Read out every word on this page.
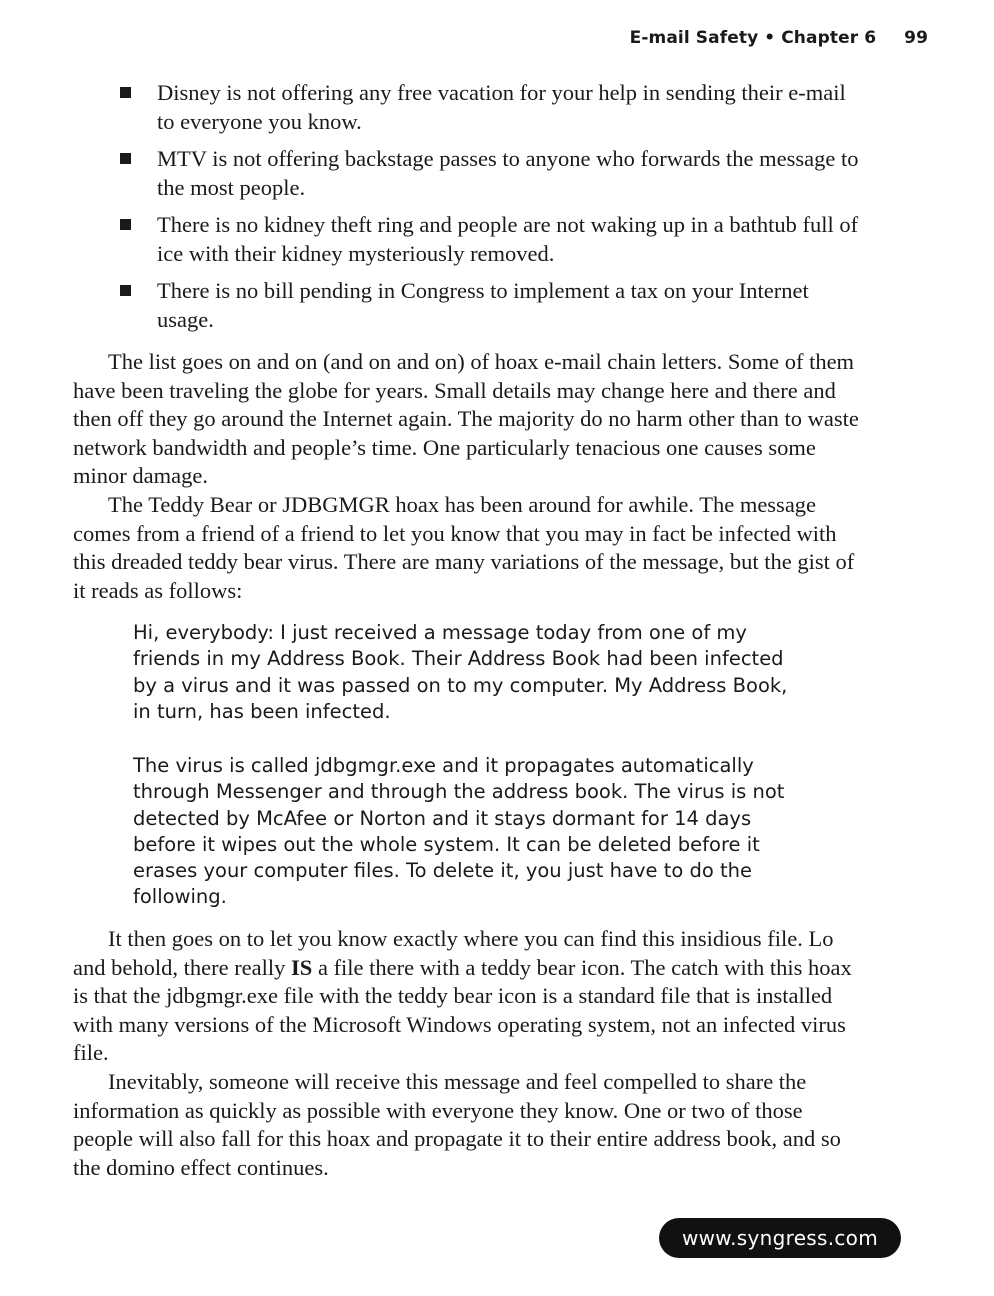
E-mail Safety • Chapter 6 99
Disney is not offering any free vacation for your help in sending their e-mail to everyone you know.
MTV is not offering backstage passes to anyone who forwards the message to the most people.
There is no kidney theft ring and people are not waking up in a bathtub full of ice with their kidney mysteriously removed.
There is no bill pending in Congress to implement a tax on your Internet usage.

The list goes on and on (and on and on) of hoax e-mail chain letters. Some of them have been traveling the globe for years. Small details may change here and there and then off they go around the Internet again. The majority do no harm other than to waste network bandwidth and people’s time. One particularly tenacious one causes some minor damage.

The Teddy Bear or JDBGMGR hoax has been around for awhile. The message comes from a friend of a friend to let you know that you may in fact be infected with this dreaded teddy bear virus. There are many variations of the message, but the gist of it reads as follows:

Hi, everybody: I just received a message today from one of my friends in my Address Book. Their Address Book had been infected by a virus and it was passed on to my computer. My Address Book, in turn, has been infected.

The virus is called jdbgmgr.exe and it propagates automatically through Messenger and through the address book. The virus is not detected by McAfee or Norton and it stays dormant for 14 days before it wipes out the whole system. It can be deleted before it erases your computer files. To delete it, you just have to do the following.

It then goes on to let you know exactly where you can find this insidious file. Lo and behold, there really IS a file there with a teddy bear icon. The catch with this hoax is that the jdbgmgr.exe file with the teddy bear icon is a standard file that is installed with many versions of the Microsoft Windows operating system, not an infected virus file.

Inevitably, someone will receive this message and feel compelled to share the information as quickly as possible with everyone they know. One or two of those people will also fall for this hoax and propagate it to their entire address book, and so the domino effect continues.

www.syngress.com
